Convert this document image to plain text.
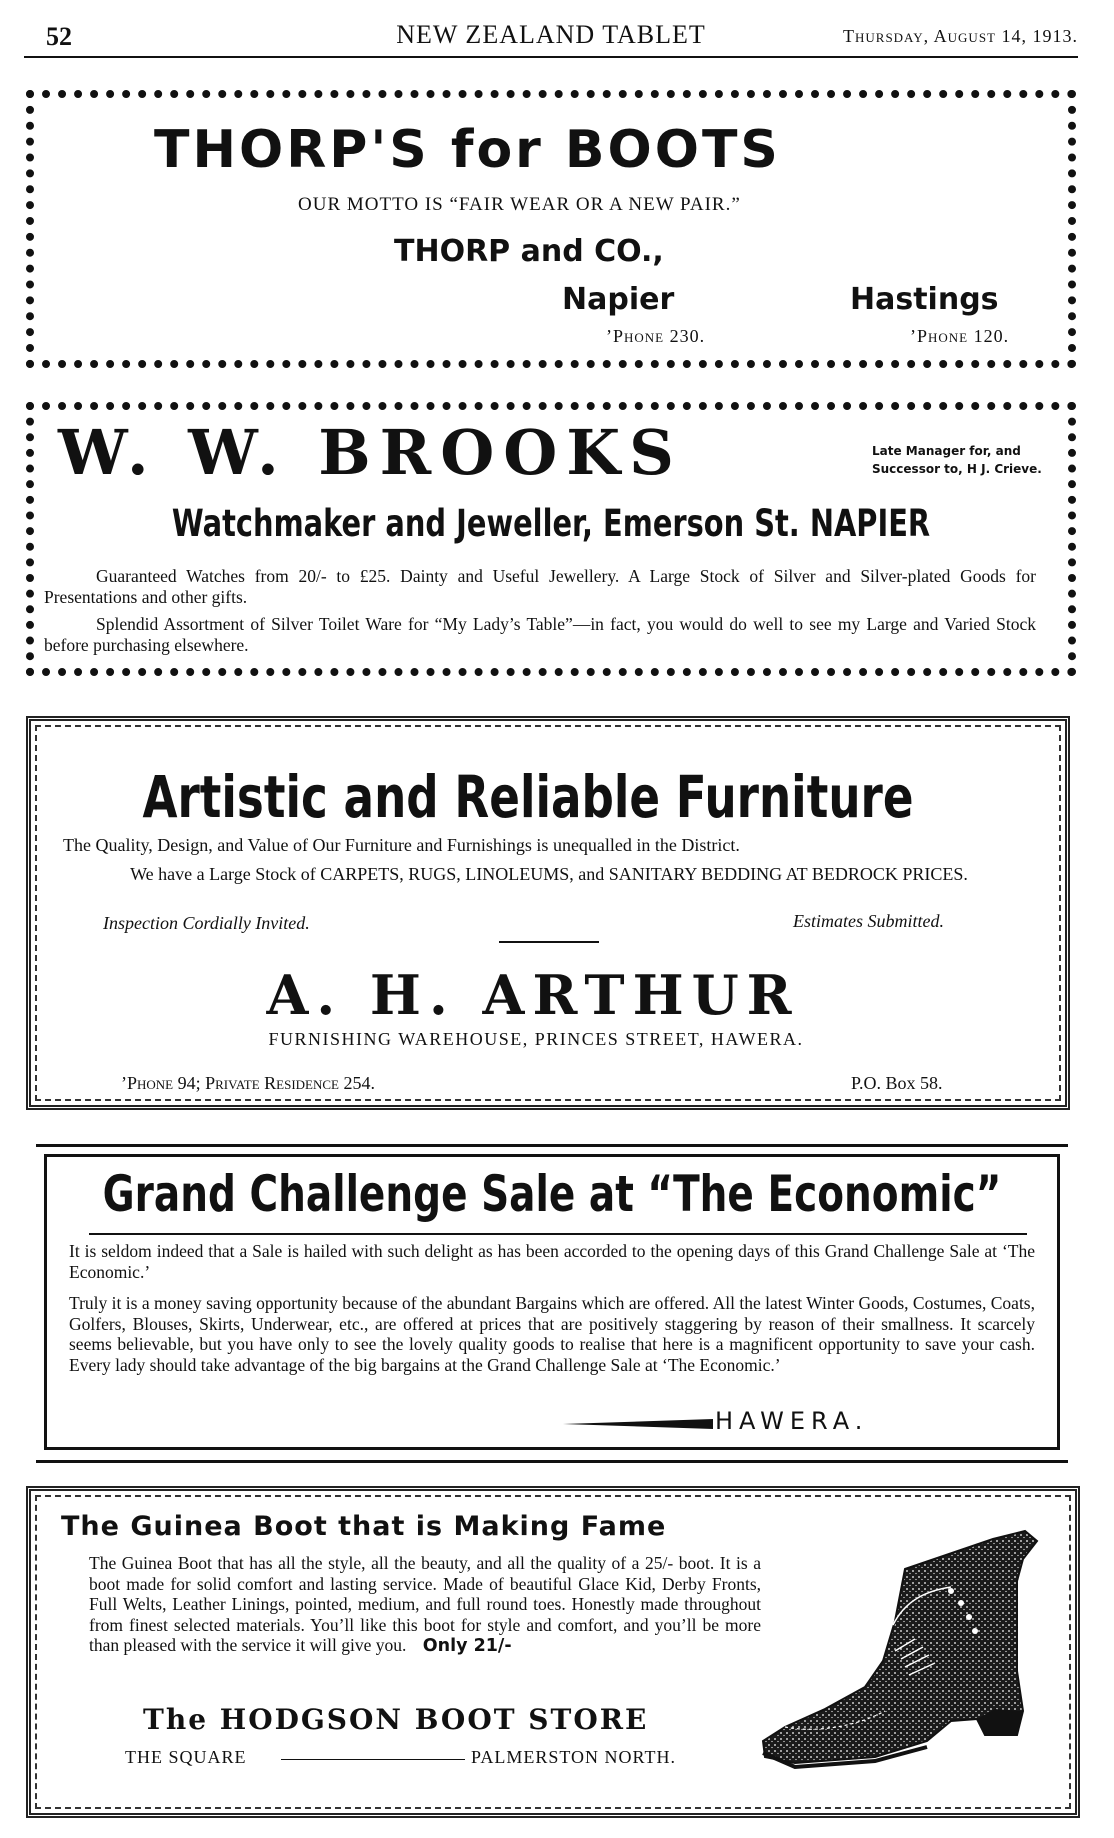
52	NEW ZEALAND TABLET	Thursday, August 14, 1913.
THORP'S for BOOTS
OUR MOTTO IS “FAIR WEAR OR A NEW PAIR.”
THORP and CO.,
Napier	Hastings
’Phone 230.	’Phone 120.
W. W. BROOKS	Late Manager for, and
Successor to, H J. Crieve.
Watchmaker and Jeweller, Emerson St. NAPIER

Guaranteed Watches from 20/- to £25. Dainty and Useful Jewellery. A Large Stock of Silver and Silver-plated Goods for Presentations and other gifts.

Splendid Assortment of Silver Toilet Ware for “My Lady’s Table”—in fact, you would do well to see my Large and Varied Stock before purchasing elsewhere.

Artistic and Reliable Furniture

The Quality, Design, and Value of Our Furniture and Furnishings is unequalled in the District.

We have a Large Stock of CARPETS, RUGS, LINOLEUMS, and SANITARY BEDDING AT BEDROCK PRICES.

Inspection Cordially Invited.	Estimates Submitted.
A. H. ARTHUR
FURNISHING WAREHOUSE, PRINCES STREET, HAWERA.
’Phone 94; Private Residence 254.	P.O. Box 58.
Grand Challenge Sale at “The Economic”

It is seldom indeed that a Sale is hailed with such delight as has been accorded to the opening days of this Grand Challenge Sale at ‘The Economic.’

Truly it is a money saving opportunity because of the abundant Bargains which are offered. All the latest Winter Goods, Costumes, Coats, Golfers, Blouses, Skirts, Underwear, etc., are offered at prices that are positively staggering by reason of their smallness. It scarcely seems believable, but you have only to see the lovely quality goods to realise that here is a magnificent opportunity to save your cash. Every lady should take advantage of the big bargains at the Grand Challenge Sale at ‘The Economic.’

HAWERA.
The Guinea Boot that is Making Fame

The Guinea Boot that has all the style, all the beauty, and all the quality of a 25/- boot. It is a boot made for solid comfort and lasting service. Made of beautiful Glace Kid, Derby Fronts, Full Welts, Leather Linings, pointed, medium, and full round toes. Honestly made throughout from finest selected materials. You’ll like this boot for style and comfort, and you’ll be more than pleased with the service it will give you. Only 21/-

The HODGSON BOOT STORE
THE SQUARE	PALMERSTON NORTH.
